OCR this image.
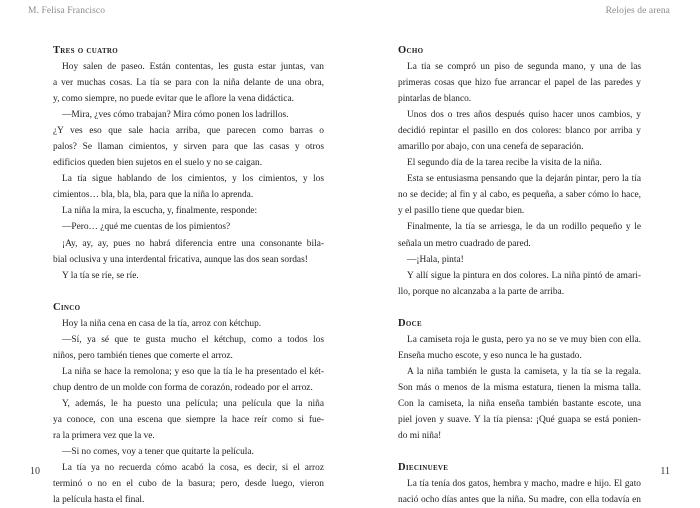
M. Felisa Francisco
Tres o cuatro
Hoy salen de paseo. Están contentas, les gusta estar juntas, van
a ver muchas cosas. La tía se para con la niña delante de una obra,
y, como siempre, no puede evitar que le aflore la vena didáctica.
—Mira, ¿ves cómo trabajan? Mira cómo ponen los ladrillos.
¿Y ves eso que sale hacia arriba, que parecen como barras o
palos? Se llaman cimientos, y sirven para que las casas y otros
edificios queden bien sujetos en el suelo y no se caigan.
La tía sigue hablando de los cimientos, y los cimientos, y los
cimientos… bla, bla, bla, para que la niña lo aprenda.
La niña la mira, la escucha, y, finalmente, responde:
—Pero… ¿qué me cuentas de los pimientos?
¡Ay, ay, ay, pues no habrá diferencia entre una consonante bila-
bial oclusiva y una interdental fricativa, aunque las dos sean sordas!
Y la tía se ríe, se ríe.
Cinco
Hoy la niña cena en casa de la tía, arroz con kétchup.
—Sí, ya sé que te gusta mucho el kétchup, como a todos los
niños, pero también tienes que comerte el arroz.
La niña se hace la remolona; y eso que la tía le ha presentado el két-
chup dentro de un molde con forma de corazón, rodeado por el arroz.
Y, además, le ha puesto una película; una película que la niña
ya conoce, con una escena que siempre la hace reír como si fue-
ra la primera vez que la ve.
—Si no comes, voy a tener que quitarte la película.
La tía ya no recuerda cómo acabó la cosa, es decir, si el arroz
terminó o no en el cubo de la basura; pero, desde luego, vieron
la película hasta el final.
10
Relojes de arena
Ocho
La tía se compró un piso de segunda mano, y una de las
primeras cosas que hizo fue arrancar el papel de las paredes y
pintarlas de blanco.
Unos dos o tres años después quiso hacer unos cambios, y
decidió repintar el pasillo en dos colores: blanco por arriba y
amarillo por abajo, con una cenefa de separación.
El segundo día de la tarea recibe la visita de la niña.
Esta se entusiasma pensando que la dejarán pintar, pero la tía
no se decide; al fin y al cabo, es pequeña, a saber cómo lo hace,
y el pasillo tiene que quedar bien.
Finalmente, la tía se arriesga, le da un rodillo pequeño y le
señala un metro cuadrado de pared.
—¡Hala, pinta!
Y allí sigue la pintura en dos colores. La niña pintó de amari-
llo, porque no alcanzaba a la parte de arriba.
Doce
La camiseta roja le gusta, pero ya no se ve muy bien con ella.
Enseña mucho escote, y eso nunca le ha gustado.
A la niña también le gusta la camiseta, y la tía se la regala.
Son más o menos de la misma estatura, tienen la misma talla.
Con la camiseta, la niña enseña también bastante escote, una
piel joven y suave. Y la tía piensa: ¡Qué guapa se está ponien-
do mi niña!
Diecinueve
La tía tenía dos gatos, hembra y macho, madre e hijo. El gato
nació ocho días antes que la niña. Su madre, con ella todavía en
11
